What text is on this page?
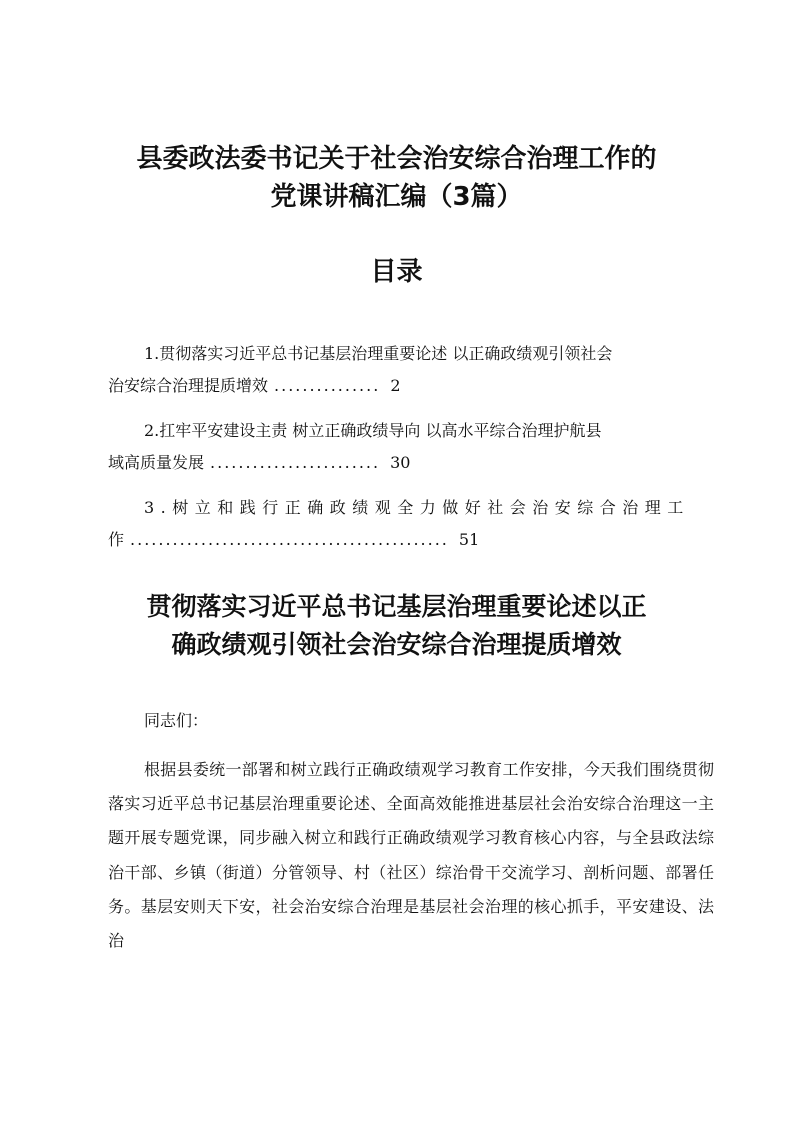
县委政法委书记关于社会治安综合治理工作的
党课讲稿汇编（3篇）
目录
1.贯彻落实习近平总书记基层治理重要论述 以正确政绩观引领社会
治安综合治理提质增效 ............... 2
2.扛牢平安建设主责 树立正确政绩导向 以高水平综合治理护航县
域高质量发展 ........................ 30
3.树立和践行正确政绩观全力做好社会治安综合治理工
作 ............................................. 51
贯彻落实习近平总书记基层治理重要论述以正
确政绩观引领社会治安综合治理提质增效

同志们：

根据县委统一部署和树立践行正确政绩观学习教育工作安排，今天我们围绕贯彻落实习近平总书记基层治理重要论述、全面高效能推进基层社会治安综合治理这一主题开展专题党课，同步融入树立和践行正确政绩观学习教育核心内容，与全县政法综治干部、乡镇（街道）分管领导、村（社区）综治骨干交流学习、剖析问题、部署任务。基层安则天下安，社会治安综合治理是基层社会治理的核心抓手，平安建设、法治
